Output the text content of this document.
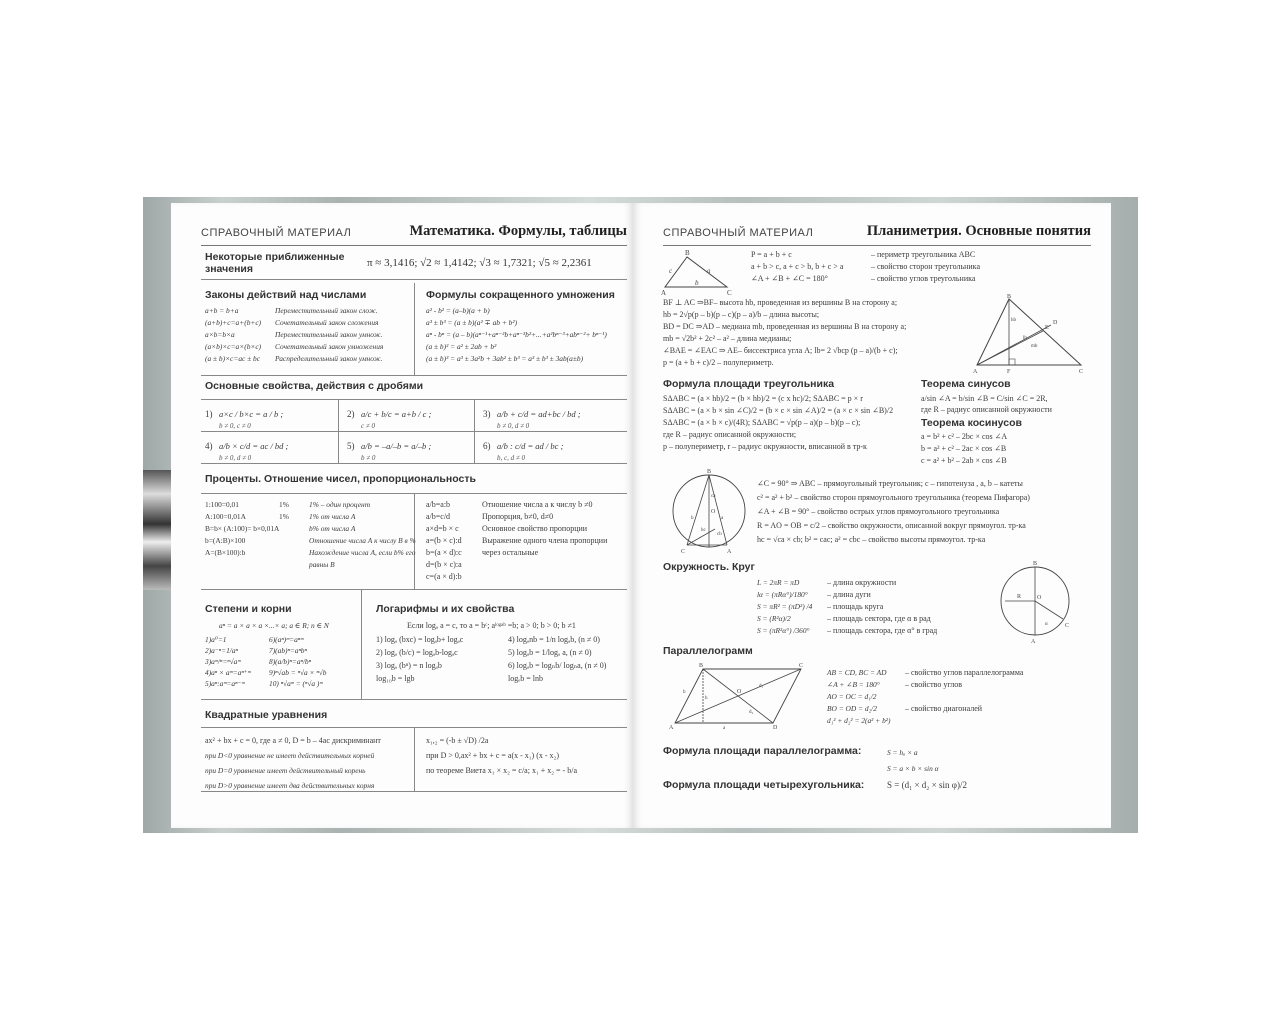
СПРАВОЧНЫЙ МАТЕРИАЛ	Математика. Формулы, таблицы
Некоторые приближенные
значения	π ≈ 3,1416; √2 ≈ 1,4142; √3 ≈ 1,7321; √5 ≈ 2,2361
Законы действий над числами	Формулы сокращенного умножения
a+b = b+a	Переместительный закон слож.
(a+b)+c=a+(b+c) Сочетательный закон сложения
a×b=b×a	Переместительный закон умнож.
(a×b)×c=a×(b×c) Сочетательный закон умножения
(a ± b)×c=ac ± bc Распределительный закон умнож.
a² - b² = (a–b)(a + b)
a³ ± b³ = (a ± b)(a² ∓ ab + b²)
aⁿ - bⁿ = (a – b)(aⁿ⁻¹+aⁿ⁻²b+aⁿ⁻³b²+...+a²bⁿ⁻³+abⁿ⁻²+ bⁿ⁻¹)
(a ± b)² = a² ± 2ab + b²
(a ± b)³ = a³ ± 3a²b + 3ab² ± b³ = a³ ± b³ ± 3ab(a±b)
Основные свойства, действия с дробями
Проценты. Отношение чисел, пропорциональность
1:100=0,01	1%	1% – один процент
A:100=0,01A	1%	1% от числа А
B=b× (A:100)= b×0,01A	b% от числа А
b=(A:B)×100	Отношение числа А к числу В в %
A=(B×100):b	Нахождение числа А, если b% его
равны В
a/b=a:b	Отношение числа a к числу b ≠0
a/b=c/d	Пропорция, b≠0, d≠0
a×d=b × c	Основное свойство пропорции
a=(b × c):d	Выражение одного члена пропорции
b=(a × d):c	через остальные
d=(b × c):a
c=(a × d):b
Степени и корни	Логарифмы и их свойства
aⁿ = a × a × a ×...× a; a ∈ R; n ∈ N
1)a⁰=1	6)(aⁿ)ᵐ=aⁿᵐ
2)a⁻ⁿ=1/aⁿ	7)(ab)ⁿ=aⁿbⁿ
3)aᵐ/ⁿ=ⁿ√aᵐ	8)(a/b)ⁿ=aⁿ/bⁿ
4)aⁿ × aᵐ=aⁿ⁺ᵐ 9)ⁿ√ab = ⁿ√a × ⁿ√b
5)aⁿ:aᵐ=aⁿ⁻ᵐ	10) ⁿ√aᵐ = (ⁿ√a )ᵐ
Если logₐ a = c, то a = bᶜ; aˡᵒᵍᵃᵇ =b; a > 0; b > 0; b ≠1
1) logₐ (bxc) = logₐb+ logₐc	4) logₐnb = 1/n logₐb, (n ≠ 0)
2) logₐ (b/c) = logₐb-logₐc	5) logₐb = 1/logₐ a, (n ≠ 0)
3) logₐ (bⁿ) = n logₐb	6) logₐb = logₙb/ logₙa, (n ≠ 0)
log₁₀b = lgb	logₑb = lnb
Квадратные уравнения
ax² + bx + c = 0, где a ≠ 0, D = b – 4ac дискриминант
при D<0 уравнение не имеет действительных корней
при D=0 уравнение имеет действительный корень
при D>0 уравнение имеет два действительных корня
x₁,₂ = (-b ± √D) /2a
при D > 0,ax² + bx + c = a(x - x₁) (x - x₂)
по теореме Виета x₁ × x₂ = c/a; x₁ + x₂ = - b/a
1) a×c / b×c = a / b ;
b ≠ 0, c ≠ 0
2) a/c + b/c = a+b / c ;
c ≠ 0
3) a/b + c/d = ad+bc / bd ;
b ≠ 0, d ≠ 0
4) a/b × c/d = ac / bd ;
b ≠ 0, d ≠ 0
5) a/b = –a/–b = a/–b ;
b ≠ 0
6) a/b : c/d = ad / bc ;
b, c, d ≠ 0
СПРАВОЧНЫЙ МАТЕРИАЛ	Планиметрия. Основные понятия
B
a
c
b
A	C
P = a + b + c	– периметр треугольника АВС
a + b > c, a + c > b, b + c > a	– свойство сторон треугольника
∠A + ∠B + ∠C = 180°	– свойство углов треугольника
BF ⊥ AC ⇒BF– высота hb, проведенная из вершины В на сторону а;
hb = 2√p(p – b)(p – c)(p – a)/b – длина высоты;
BD = DC ⇒AD – медиана mb, проведенная из вершины В на сторону а;
mb = √2b² + 2c² – a² – длина медианы;
∠BAE = ∠EAC ⇒ AE– биссектриса угла А; lb= 2 √bcp (p – a)/(b + c);
p = (a + b + c)/2 – полупериметр.
B
hb
lb
mb
E
D
A	F	C
Формула площади треугольника
SΔABC = (a × hb)/2 = (b × hb)/2 = (c x hc)/2; SΔABC = p × r
SΔABC = (a × b × sin ∠C)/2 = (b × c × sin ∠A)/2 = (a × c × sin ∠B)/2
SΔABC = (a × b × c)/(4R); SΔABC = √p(p – a)(p – b)(p – c);
где R – радиус описанной окружности;
p – полупериметр, r – радиус окружности, вписанной в тр-к
Теорема синусов
a/sin ∠A = b/sin ∠B = C/sin ∠C = 2R,
где R – радиус описанной окружности
Теорема косинусов
a = b² + c² – 2bc × cos ∠A
b = a² + c² – 2ac × cos ∠B
c = a² + b² – 2ab × cos ∠B
B
O
ca
hc
cb
b	a
C	A
∠C = 90° ⇒ ABC – прямоугольный треугольник; c – гипотенуза , a, b – катеты
c² = a² + b² – свойство сторон прямоугольного треугольника (теорема Пифагора)
∠A + ∠B = 90° – свойство острых углов прямоугольного треугольника
R = AO = OB = c/2 – свойство окружности, описанной вокруг прямоугол. тр-ка
hc = √ca × cb; b² = caс; a² = cbс – свойство высоты прямоугол. тр-ка
Окружность. Круг
L = 2πR = πD	– длина окружности
lα = (πRα°)/180° – длина дуги
S = πR² = (πD²) /4 – площадь круга
S = (R²α)/2	– площадь сектора, где α в рад
S = (πR²α°) /360° – площадь сектора, где α° в град
B
R	O
α
A
C
Параллелограмм
B	C
A	D
O
h
a
b
d₁
d₂
AB = CD, BC = AD – свойство углов параллелограмма
∠A + ∠B = 180°	– свойство углов
AO = OC = d₁/2
BO = OD = d₂/2	– свойство диагоналей
d₁² + d₂² = 2(a² + b²)
Формула площади параллелограмма:	S = hₐ × a
S = a × b × sin α
Формула площади четырехугольника:	S = (d₁ × d₂ × sin φ)/2
